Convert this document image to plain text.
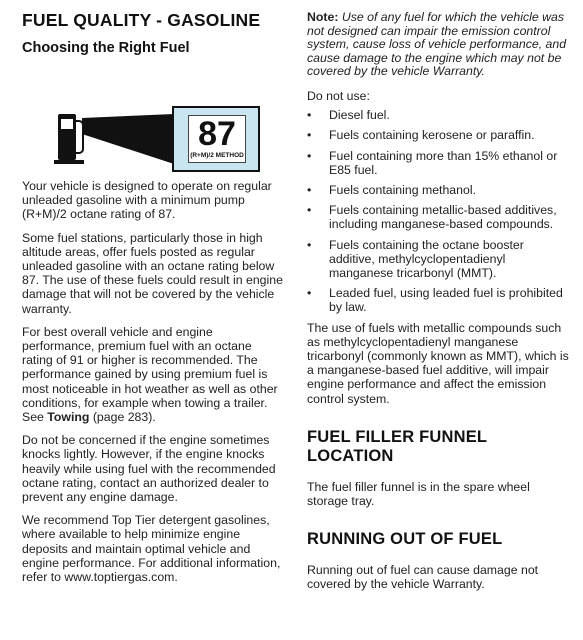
FUEL QUALITY - GASOLINE
Choosing the Right Fuel
87
(R+M)/2 METHOD

Your vehicle is designed to operate on regular unleaded gasoline with a minimum pump (R+M)/2 octane rating of 87.

Some fuel stations, particularly those in high altitude areas, offer fuels posted as regular unleaded gasoline with an octane rating below 87. The use of these fuels could result in engine damage that will not be covered by the vehicle warranty.

For best overall vehicle and engine performance, premium fuel with an octane rating of 91 or higher is recommended. The performance gained by using premium fuel is most noticeable in hot weather as well as other conditions, for example when towing a trailer. See Towing (page 283).

Do not be concerned if the engine sometimes knocks lightly. However, if the engine knocks heavily while using fuel with the recommended octane rating, contact an authorized dealer to prevent any engine damage.

We recommend Top Tier detergent gasolines, where available to help minimize engine deposits and maintain optimal vehicle and engine performance. For additional information, refer to www.toptiergas.com.

Note: Use of any fuel for which the vehicle was not designed can impair the emission control system, cause loss of vehicle performance, and cause damage to the engine which may not be covered by the vehicle Warranty.

Do not use:

• Diesel fuel.
• Fuels containing kerosene or paraffin.
• Fuel containing more than 15% ethanol or E85 fuel.
• Fuels containing methanol.
• Fuels containing metallic-based additives, including manganese-based compounds.
• Fuels containing the octane booster additive, methylcyclopentadienyl manganese tricarbonyl (MMT).
• Leaded fuel, using leaded fuel is prohibited by law.

The use of fuels with metallic compounds such as methylcyclopentadienyl manganese tricarbonyl (commonly known as MMT), which is a manganese-based fuel additive, will impair engine performance and affect the emission control system.

FUEL FILLER FUNNEL LOCATION

The fuel filler funnel is in the spare wheel storage tray.

RUNNING OUT OF FUEL

Running out of fuel can cause damage not covered by the vehicle Warranty.
